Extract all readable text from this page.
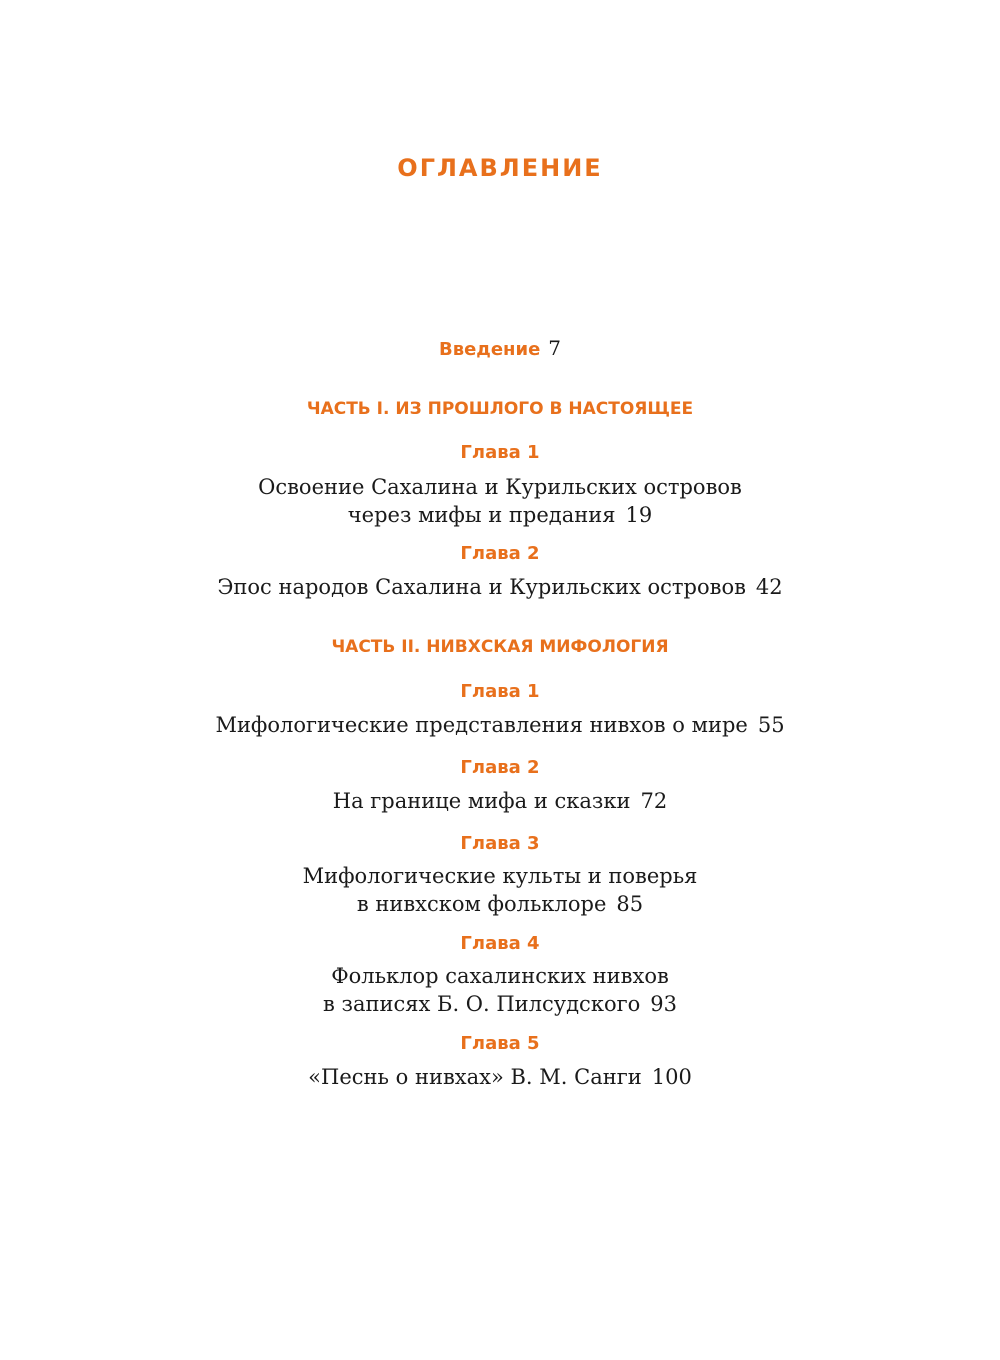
ОГЛАВЛЕНИЕ
Введение 7
ЧАСТЬ I. ИЗ ПРОШЛОГО В НАСТОЯЩЕЕ
Глава 1
Освоение Сахалина и Курильских островов
через мифы и предания 19
Глава 2
Эпос народов Сахалина и Курильских островов 42
ЧАСТЬ II. НИВХСКАЯ МИФОЛОГИЯ
Глава 1
Мифологические представления нивхов о мире 55
Глава 2
На границе мифа и сказки 72
Глава 3
Мифологические культы и поверья
в нивхском фольклоре 85
Глава 4
Фольклор сахалинских нивхов
в записях Б. О. Пилсудского 93
Глава 5
«Песнь о нивхах» В. М. Санги 100
